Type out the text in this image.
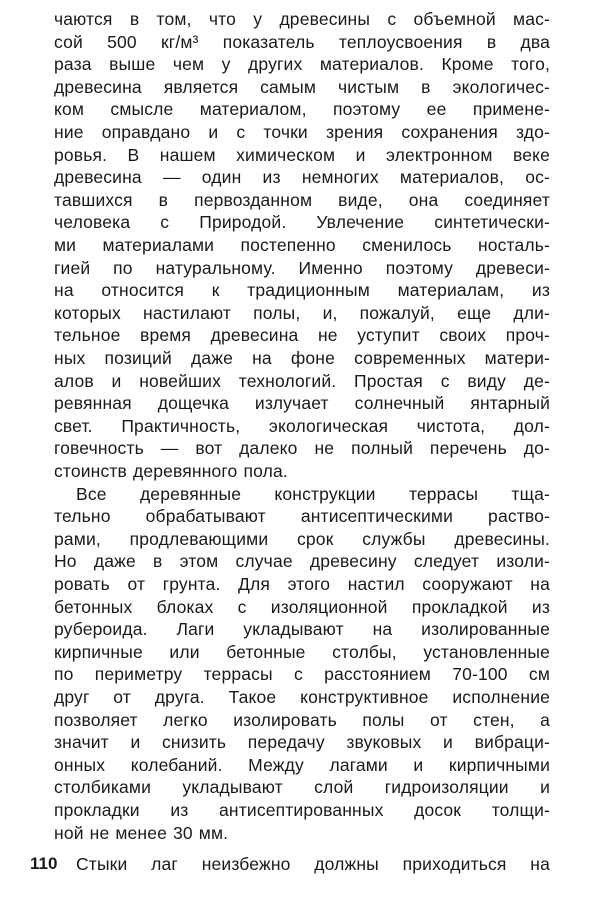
чаются в том, что у древесины с объемной мас-
сой 500 кг/м³ показатель теплоусвоения в два
раза выше чем у других материалов. Кроме того,
древесина является самым чистым в экологичес-
ком смысле материалом, поэтому ее примене-
ние оправдано и с точки зрения сохранения здо-
ровья. В нашем химическом и электронном веке
древесина — один из немногих материалов, ос-
тавшихся в первозданном виде, она соединяет
человека с Природой. Увлечение синтетически-
ми материалами постепенно сменилось носталь-
гией по натуральному. Именно поэтому древеси-
на относится к традиционным материалам, из
которых настилают полы, и, пожалуй, еще дли-
тельное время древесина не уступит своих проч-
ных позиций даже на фоне современных матери-
алов и новейших технологий. Простая с виду де-
ревянная дощечка излучает солнечный янтарный
свет. Практичность, экологическая чистота, дол-
говечность — вот далеко не полный перечень до-
стоинств деревянного пола.
Все деревянные конструкции террасы тща-
тельно обрабатывают антисептическими раство-
рами, продлевающими срок службы древесины.
Но даже в этом случае древесину следует изоли-
ровать от грунта. Для этого настил сооружают на
бетонных блоках с изоляционной прокладкой из
рубероида. Лаги укладывают на изолированные
кирпичные или бетонные столбы, установленные
по периметру террасы с расстоянием 70-100 см
друг от друга. Такое конструктивное исполнение
позволяет легко изолировать полы от стен, а
значит и снизить передачу звуковых и вибраци-
онных колебаний. Между лагами и кирпичными
столбиками укладывают слой гидроизоляции и
прокладки из антисептированных досок толщи-
ной не менее 30 мм.
Стыки лаг неизбежно должны приходиться на
110
